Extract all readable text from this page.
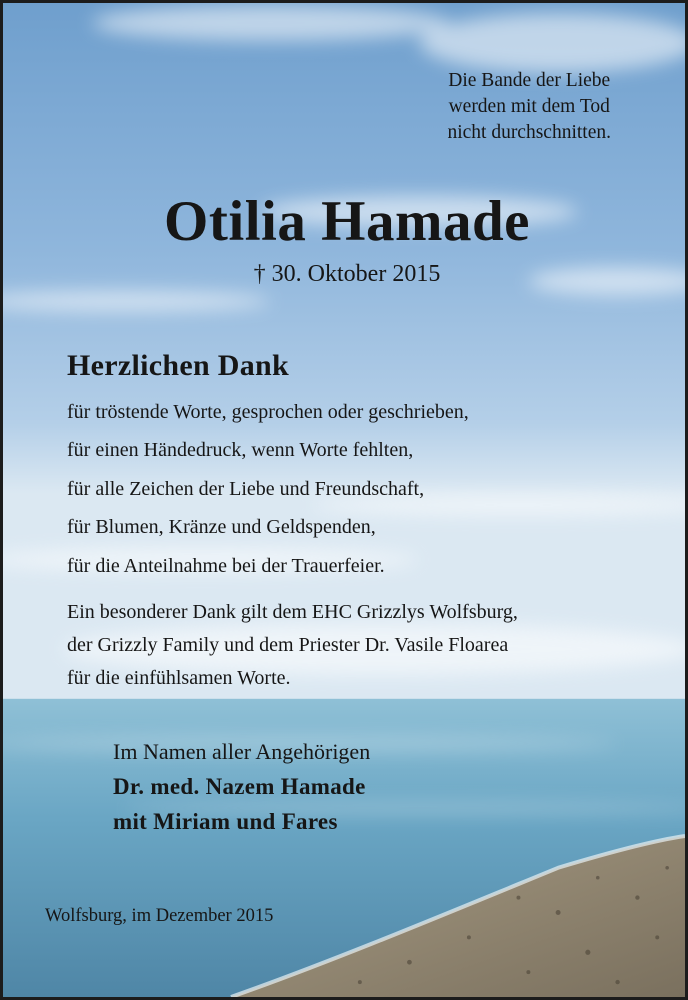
Die Bande der Liebe
werden mit dem Tod
nicht durchschnitten.
Otilia Hamade
† 30. Oktober 2015
Herzlichen Dank
für tröstende Worte, gesprochen oder geschrieben,
für einen Händedruck, wenn Worte fehlten,
für alle Zeichen der Liebe und Freundschaft,
für Blumen, Kränze und Geldspenden,
für die Anteilnahme bei der Trauerfeier.
Ein besonderer Dank gilt dem EHC Grizzlys Wolfsburg,
der Grizzly Family und dem Priester Dr. Vasile Floarea
für die einfühlsamen Worte.
Im Namen aller Angehörigen
Dr. med. Nazem Hamade
mit Miriam und Fares
Wolfsburg, im Dezember 2015
